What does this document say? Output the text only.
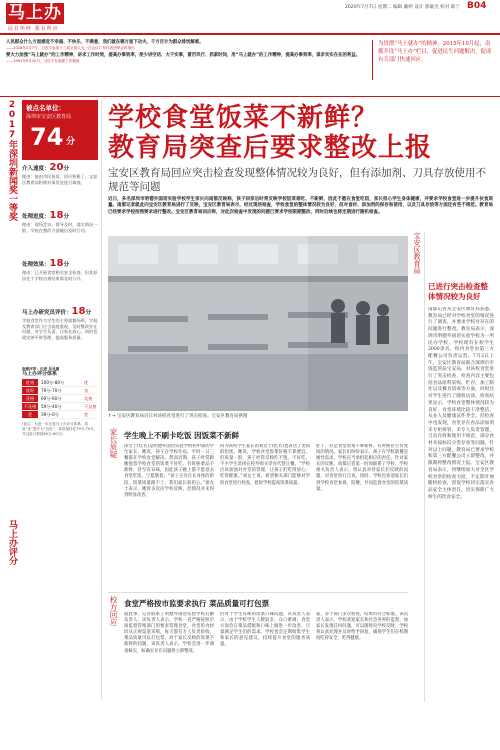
马上办
民有所呼 我有所应
2020年7月7日 星期二 编辑 戴婷 设计 郭敏杰 校对 陈宁 B04
人民群众什么方面感觉不幸福、不快乐、不满意，我们就在哪方面下功夫，千方百计为群众排忧解难。
——2018年3月7日，习近平参加十三届全国人大一次会议广东代表团审议时指出
要大力加强“马上就办”的工作精神，讲求工作时效，提高办事效率，使少讲空话、大干实事，雷厉风行、抓紧时间，用“马上就办”的工作精神，提高办事效率，谋求实实在在的利益。
——1991年9月20日，习近平在福建工作期间
为贯彻“马上就办”的精神，2015年10月起，南都开设“马上办”栏目，促进民生问题解决，促成有关部门快速回应。
2017年深圳新闻奖一等奖
马上办评分
被点名单位：
深圳市宝安区教育局
74 分
介入速度：20分
理由：接由市民投诉，回应积极了，宝安区教育局积极对事发处进行调查。
处理进度：18分
理由：现场走访，督导及时，落实情况一般，学校在整改方面做出及时行动。
处理效果：18分
理由：已开展食堂相关安全检查，但其原因在于学校自查结果需及时公开。
马上办研究员评价：18分
学校食堂作为学生的主要就餐场所，学校及教育部门应当高度重视，及时整改存在问题，对学生负责，让家长放心。同时也需完善平时管理，提高服务质量。
南都评审：记者 吴灵珊
马上办评分体系
优秀	100分-80分	优
良好	79分-70分	良
及格	69分-60分	及格
不及格	59分-40分	不及格
差	39分-0分	差
(备注：为进一步完善马上办评分体系，将原“优”提升为“良好”，其将保持在79分-70分，并且原分数段60分-80分)
学校食堂饭菜不新鲜？
教育局突查后要求整改上报
宝安区教育局回应突击检查发现整体情况较为良好，但有添加剂、刀具存放使用不规范等问题
近日，多名深圳市明德外国语实验学校学生家长向南都反映称，孩子回家后时常反映学校饭菜难吃、不新鲜，因此不愿在食堂吃饭，家长担心学生身体健康，并要求学校食堂进一步提升伙食质量。南都记者就此向宝安区教育局进行了反映，宝安区教育局表示，经过现场检查，学校食堂的整体情况较为良好，但对食材、添加剂的保存和使用，以及刀具存放等方面还有些不规范。教育局已经要求学校按照要求进行整改。宝安区教育局回应称，对此次检查中发现的问题已要求学校限期整改，同时后续也将定期进行随机检查。
宝安区教育局
↑→ 宝安区教育局近日对该校食堂进行了突击检查。宝安区教育局供图
已进行突击检查整体情况较为良好
南都记者从宝安区教育局获悉，教育局已经对学校食堂的情况进行了调查，并要求学校对存在的问题进行整改。教育局表示，深圳市明德外国语实验学校为一所民办学校，学校现有在校学生2000余名，校内食堂由第三方配餐公司负责运营。7月2日上午，宝安区教育局联合深圳市市场监管局宝安局，对该校食堂进行了突击检查，检查内容主要包括食品原料采购、贮存、加工制作以及餐具消毒等方面，同时还对学生进行了随机访谈。检查结果显示，学校食堂整体情况较为良好，食堂环境比较干净整洁，从业人员健康证件齐全。但检查中也发现，食堂存在食品添加剂未专柜保管、未专人负责管理，刀具存放和使用不规范，部分食材未按标识分类存放等问题。针对以上问题，教育局已要求学校和第三方配餐公司立即整改，并限期将整改情况上报。宝安区教育局表示，将继续加大对全区学校食堂的检查力度，不定期开展随机检查，督促学校切实落实食品安全主体责任，切实保障广大师生的饮食安全。
家长质疑 学生晚上不刷卡吃饭 因饭菜不新鲜
徐女士(化名)是明德外国语实验学校初中部的学生家长，她说，孩子在学校住宿，平时一日三餐都在学校食堂解决。然而近期，孩子经常跟她抱怨学校食堂的饭菜不好吃，有时候菜品不新鲜，甚至有异味，因此孩子晚上都不愿意去食堂吃饭，宁愿饿着。“孩子正处在长身体的阶段，饭菜质量跟不上，我们家长很担心。”徐女士表示，她曾多次向学校反映，但情况并未得到明显改善。
同为该校学生家长的刘女士(化名)也表达了类似的担忧。她说，学校食堂饭菜价格不算便宜，但质量一般，孩子经常反映吃不饱、不好吃，不少学生选择在校外购买零食代替正餐。“学校应该加强对食堂的管理，让孩子们吃得放心、吃得健康。”刘女士说，希望相关部门能够对学校食堂进行检查，督促学校提高饭菜质量。
肚子，但是食堂饭菜不够新鲜，有时候甚至有变质的情况。家长们纷纷表示，孩子在学校就餐是刚性需求，学校应当承担起相应的责任。针对家长的反映，南都记者第一时间联系了学校，学校相关负责人表示，将认真对待家长们反映的问题，对食堂进行自查。同时，学校也欢迎家长们到学校食堂参观、陪餐，共同监督食堂的饭菜质量。
校方回应 食堂严格按市监要求执行 菜品质量可打包票
就此事，记者联系了明德外国语实验学校后勤负责人。该负责人表示，学校一直严格按照市场监督管理部门的要求管理食堂，食堂的食材均从正规渠道采购，每天都有专人负责验收，菜品质量可以打包票。对于家长反映的饭菜不新鲜的问题，该负责人表示，学校会进一步调查核实，如确实存在问题将立即整改。
但对于学生反映的饭菜口味问题，该负责人表示，由于学校学生人数较多，众口难调，食堂方面会在菜品搭配和口味上做进一步改善，尽量满足学生们的需求。学校也会定期收集学生和家长的意见建议，持续提升食堂的服务质量。
家，多个部门多次检查，结果均符合标准。该负责人表示，学校欢迎家长和社会各界的监督，如家长发现任何问题，可以随时向学校反映，学校将认真处理并及时给予回复，确保学生们在校期间吃得安全、吃得健康。
